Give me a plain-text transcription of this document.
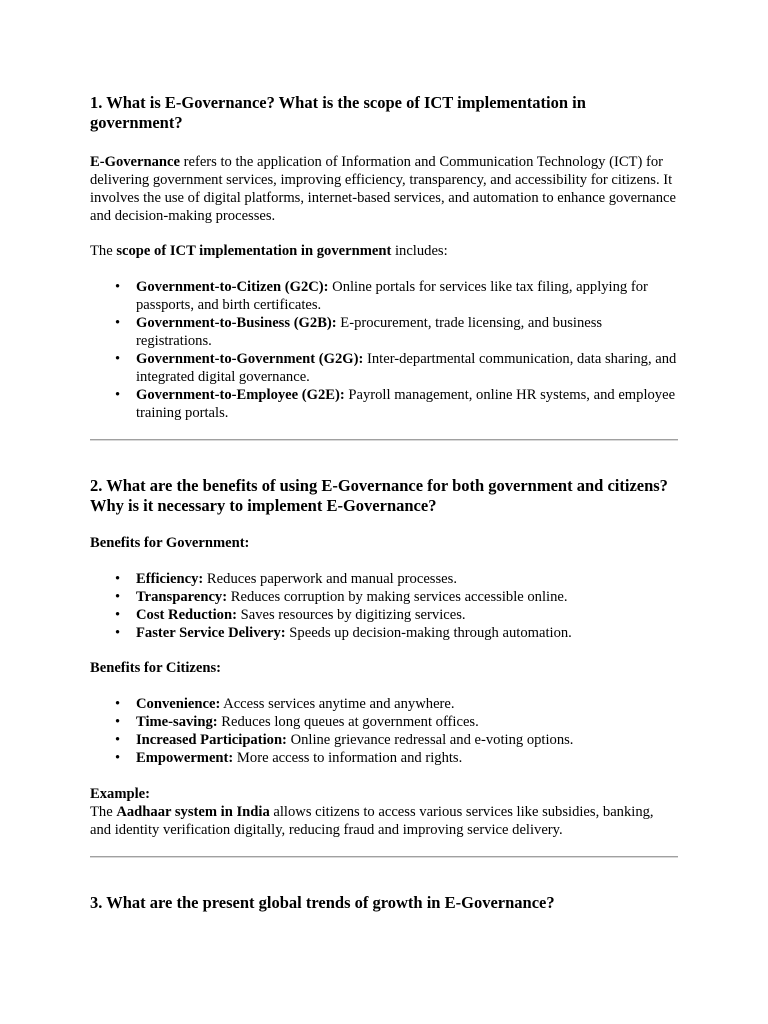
1. What is E-Governance? What is the scope of ICT implementation in government?

E-Governance refers to the application of Information and Communication Technology (ICT) for delivering government services, improving efficiency, transparency, and accessibility for citizens. It involves the use of digital platforms, internet-based services, and automation to enhance governance and decision-making processes.

The scope of ICT implementation in government includes:

• Government-to-Citizen (G2C): Online portals for services like tax filing, applying for passports, and birth certificates.
• Government-to-Business (G2B): E-procurement, trade licensing, and business registrations.
• Government-to-Government (G2G): Inter-departmental communication, data sharing, and integrated digital governance.
• Government-to-Employee (G2E): Payroll management, online HR systems, and employee training portals.
2. What are the benefits of using E-Governance for both government and citizens? Why is it necessary to implement E-Governance?

Benefits for Government:

• Efficiency: Reduces paperwork and manual processes.
• Transparency: Reduces corruption by making services accessible online.
• Cost Reduction: Saves resources by digitizing services.
• Faster Service Delivery: Speeds up decision-making through automation.

Benefits for Citizens:

• Convenience: Access services anytime and anywhere.
• Time-saving: Reduces long queues at government offices.
• Increased Participation: Online grievance redressal and e-voting options.
• Empowerment: More access to information and rights.

Example:

The Aadhaar system in India allows citizens to access various services like subsidies, banking, and identity verification digitally, reducing fraud and improving service delivery.

3. What are the present global trends of growth in E-Governance?
